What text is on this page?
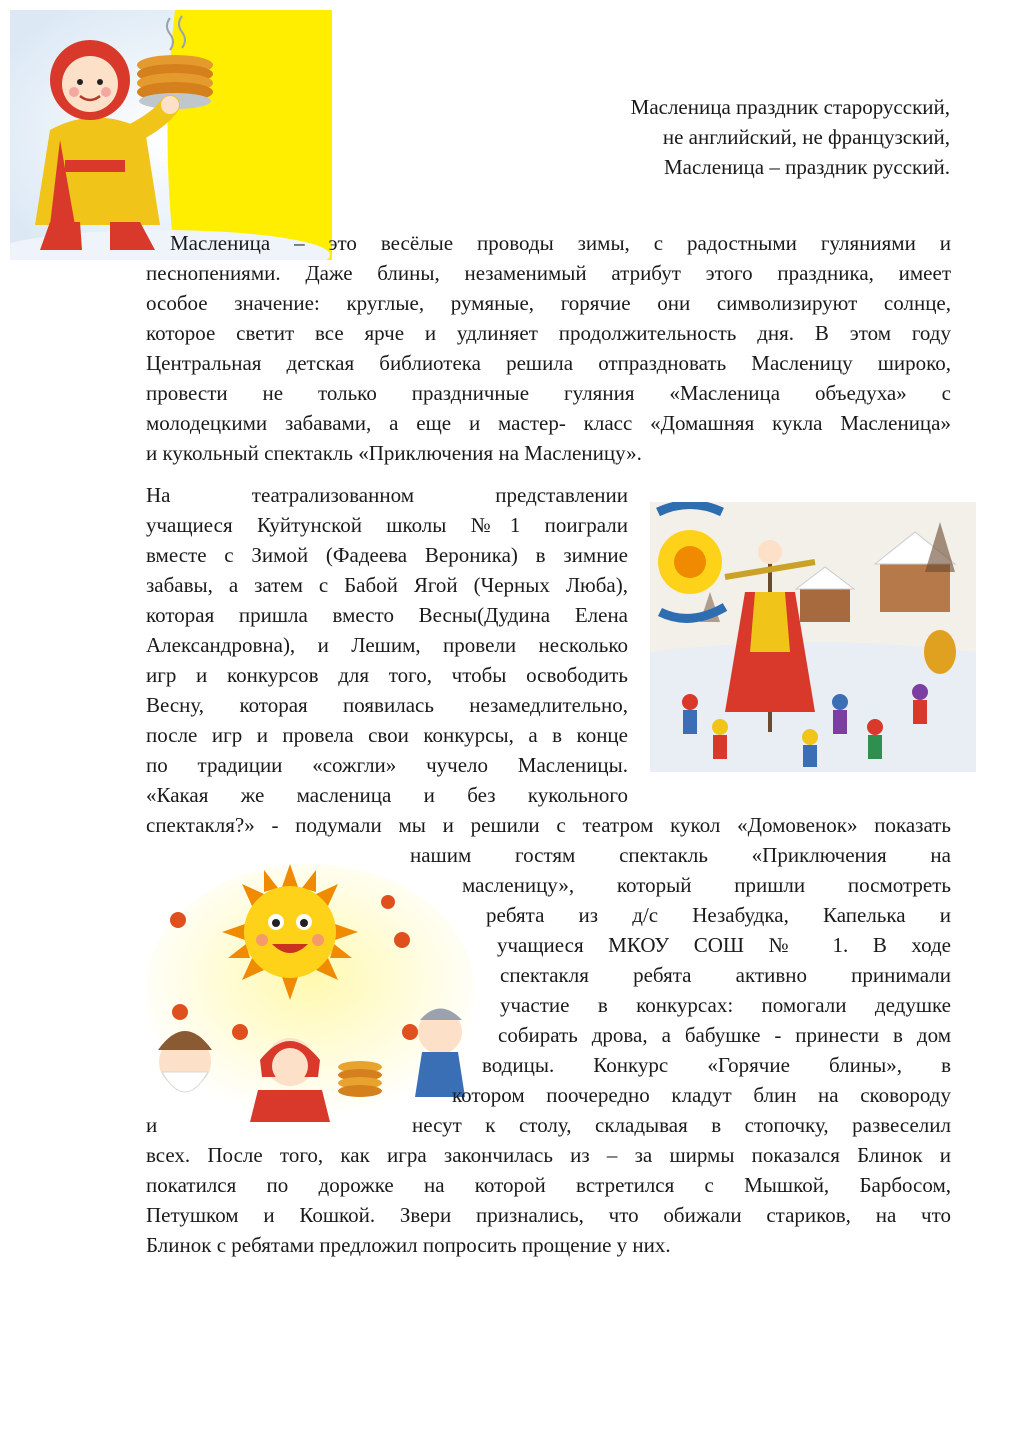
Масленица праздник старорусский,
не английский, не французский,
Масленица – праздник русский.
Масленица – это весёлые проводы зимы, с радостными гуляниями и
песнопениями. Даже блины, незаменимый атрибут этого праздника, имеет
особое значение: круглые, румяные, горячие они символизируют солнце,
которое светит все ярче и удлиняет продолжительность дня. В этом году
Центральная детская библиотека решила отпраздновать Масленицу широко,
провести не только праздничные гуляния «Масленица объедуха» с
молодецкими забавами, а еще и мастер- класс «Домашняя кукла Масленица»
и кукольный спектакль «Приключения на Масленицу».
На театрализованном представлении
учащиеся Куйтунской школы №1 поиграли
вместе с Зимой (Фадеева Вероника) в зимние
забавы, а затем с Бабой Ягой (Черных Люба),
которая пришла вместо Весны(Дудина Елена
Александровна), и Лешим, провели несколько
игр и конкурсов для того, чтобы освободить
Весну, которая появилась незамедлительно,
после игр и провела свои конкурсы, а в конце
по традиции «сожгли» чучело Масленицы.
«Какая же масленица и без кукольного
спектакля?» - подумали мы и решили с театром кукол «Домовенок» показать
нашим гостям спектакль «Приключения на
масленицу», который пришли посмотреть
ребята из д/с Незабудка, Капелька и
учащиеся МКОУ СОШ № 1. В ходе
спектакля ребята активно принимали
участие в конкурсах: помогали дедушке
собирать дрова, а бабушке - принести в дом
водицы. Конкурс «Горячие блины», в
котором поочередно кладут блин на сковороду
и	несут к столу, складывая в стопочку, развеселил
всех. После того, как игра закончилась из – за ширмы показался Блинок и
покатился по дорожке на которой встретился с Мышкой, Барбосом,
Петушком и Кошкой. Звери признались, что обижали стариков, на что
Блинок с ребятами предложил попросить прощение у них.
